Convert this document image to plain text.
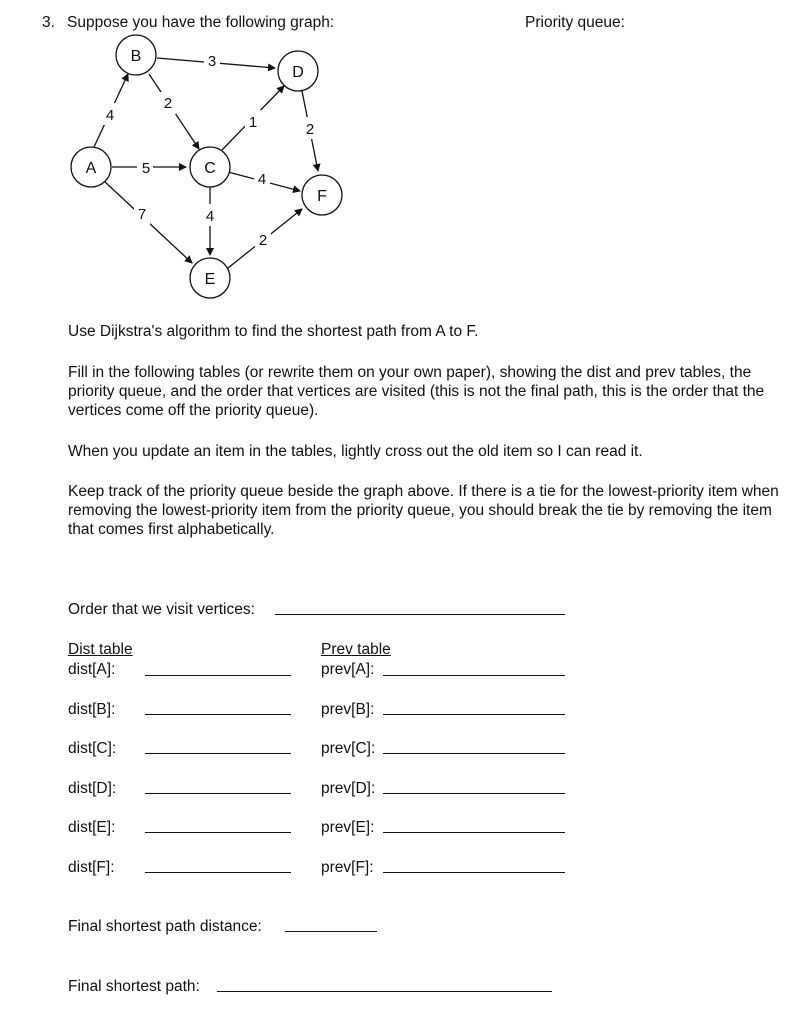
3. Suppose you have the following graph:	Priority queue:
4
5
7
2
3
1
4
4
2
2
A
B
C
D
E
F
Use Dijkstra's algorithm to find the shortest path from A to F.
Fill in the following tables (or rewrite them on your own paper), showing the dist and prev tables, the priority queue, and the order that vertices are visited (this is not the final path, this is the order that the vertices come off the priority queue).
When you update an item in the tables, lightly cross out the old item so I can read it.
Keep track of the priority queue beside the graph above. If there is a tie for the lowest-priority item when removing the lowest-priority item from the priority queue, you should break the tie by removing the item that comes first alphabetically.
Order that we visit vertices:
Dist table
dist[A]:
dist[B]:
dist[C]:
dist[D]:
dist[E]:
dist[F]:
Prev table
prev[A]:
prev[B]:
prev[C]:
prev[D]:
prev[E]:
prev[F]:
Final shortest path distance:
Final shortest path:
